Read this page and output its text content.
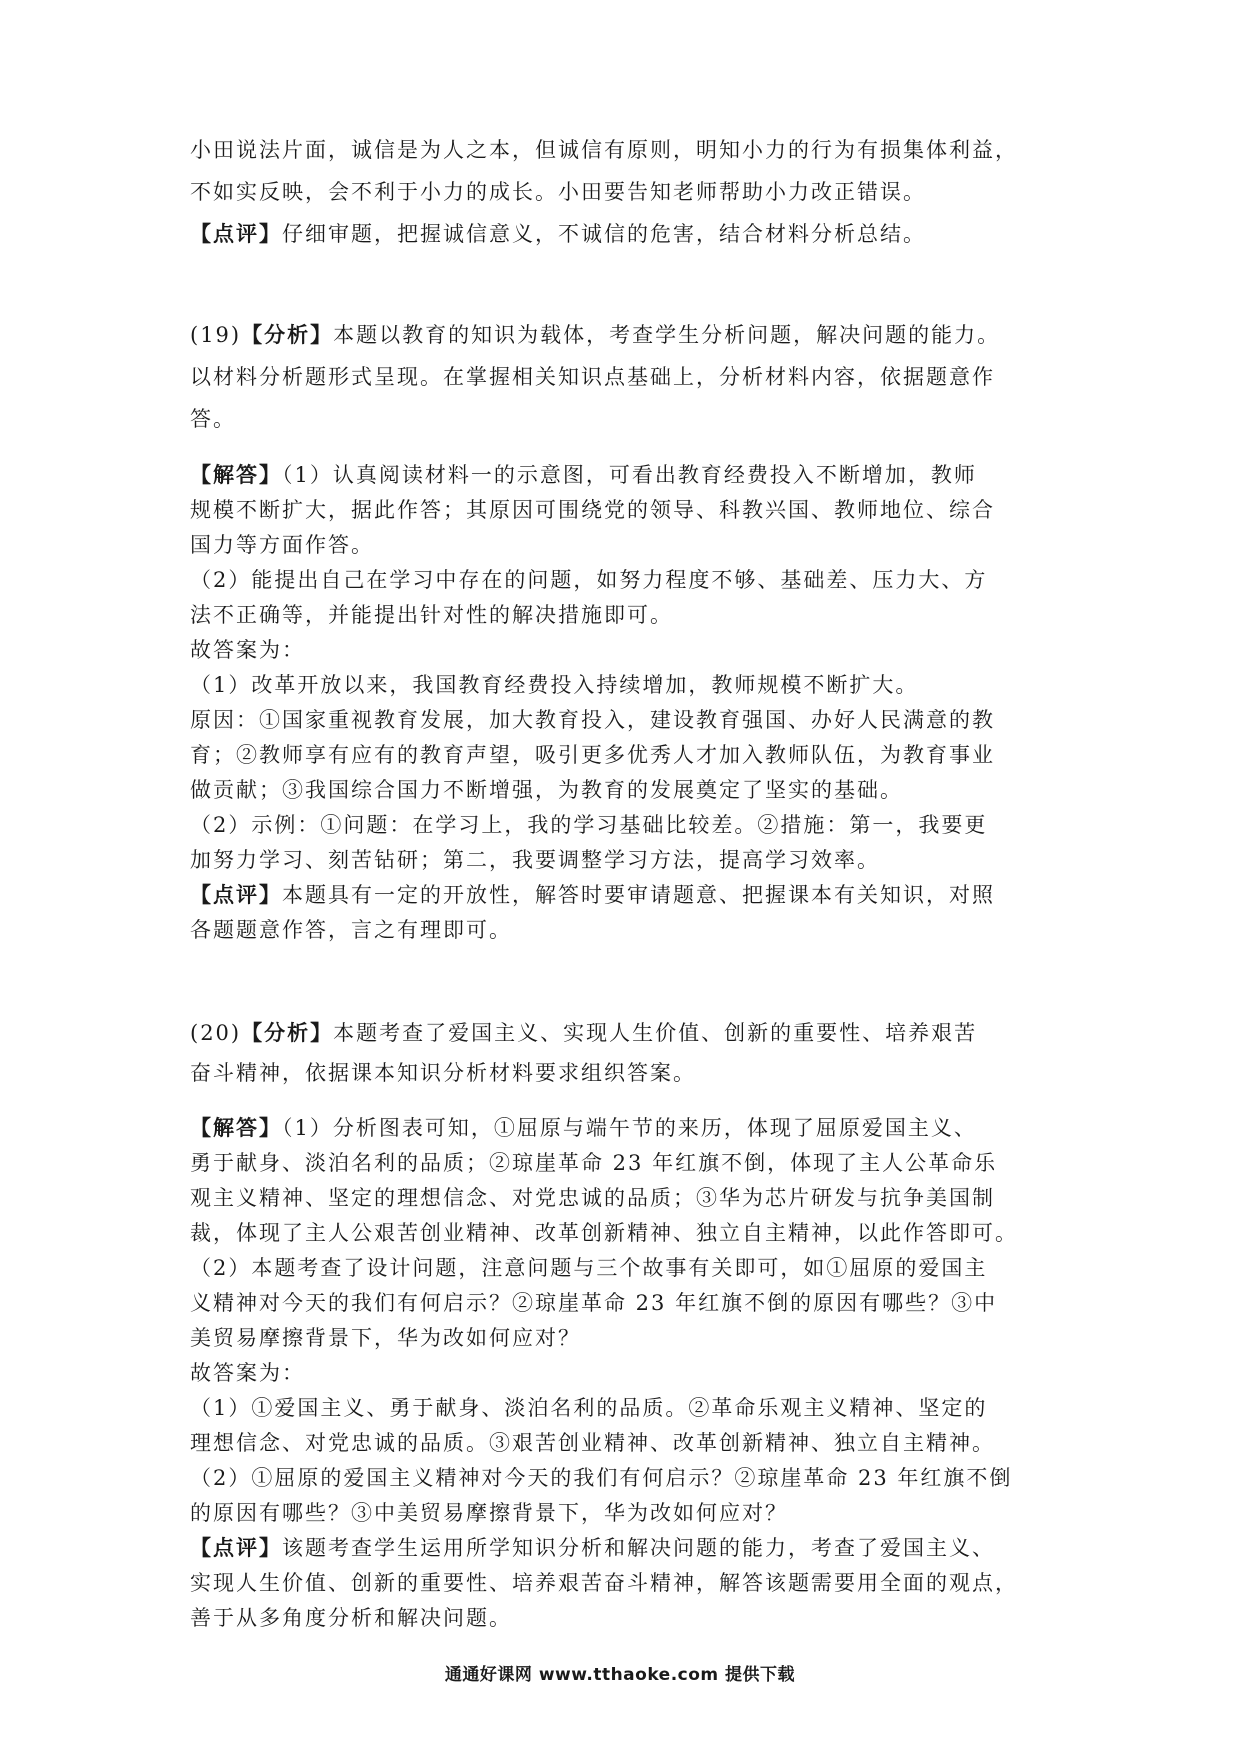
小田说法片面，诚信是为人之本，但诚信有原则，明知小力的行为有损集体利益，
不如实反映，会不利于小力的成长。小田要告知老师帮助小力改正错误。
【点评】仔细审题，把握诚信意义，不诚信的危害，结合材料分析总结。
(19)【分析】本题以教育的知识为载体，考查学生分析问题，解决问题的能力。
以材料分析题形式呈现。在掌握相关知识点基础上，分析材料内容，依据题意作
答。
【解答】（1）认真阅读材料一的示意图，可看出教育经费投入不断增加，教师
规模不断扩大，据此作答；其原因可围绕党的领导、科教兴国、教师地位、综合
国力等方面作答。
（2）能提出自己在学习中存在的问题，如努力程度不够、基础差、压力大、方
法不正确等，并能提出针对性的解决措施即可。
故答案为：
（1）改革开放以来，我国教育经费投入持续增加，教师规模不断扩大。
原因：①国家重视教育发展，加大教育投入，建设教育强国、办好人民满意的教
育；②教师享有应有的教育声望，吸引更多优秀人才加入教师队伍，为教育事业
做贡献；③我国综合国力不断增强，为教育的发展奠定了坚实的基础。
（2）示例：①问题：在学习上，我的学习基础比较差。②措施：第一，我要更
加努力学习、刻苦钻研；第二，我要调整学习方法，提高学习效率。
【点评】本题具有一定的开放性，解答时要审请题意、把握课本有关知识，对照
各题题意作答，言之有理即可。
(20)【分析】本题考查了爱国主义、实现人生价值、创新的重要性、培养艰苦
奋斗精神，依据课本知识分析材料要求组织答案。
【解答】（1）分析图表可知，①屈原与端午节的来历，体现了屈原爱国主义、
勇于献身、淡泊名利的品质；②琼崖革命 23 年红旗不倒，体现了主人公革命乐
观主义精神、坚定的理想信念、对党忠诚的品质；③华为芯片研发与抗争美国制
裁，体现了主人公艰苦创业精神、改革创新精神、独立自主精神，以此作答即可。
（2）本题考查了设计问题，注意问题与三个故事有关即可，如①屈原的爱国主
义精神对今天的我们有何启示？②琼崖革命 23 年红旗不倒的原因有哪些？③中
美贸易摩擦背景下，华为改如何应对？
故答案为：
（1）①爱国主义、勇于献身、淡泊名利的品质。②革命乐观主义精神、坚定的
理想信念、对党忠诚的品质。③艰苦创业精神、改革创新精神、独立自主精神。
（2）①屈原的爱国主义精神对今天的我们有何启示？②琼崖革命 23 年红旗不倒
的原因有哪些？③中美贸易摩擦背景下，华为改如何应对？
【点评】该题考查学生运用所学知识分析和解决问题的能力，考查了爱国主义、
实现人生价值、创新的重要性、培养艰苦奋斗精神，解答该题需要用全面的观点，
善于从多角度分析和解决问题。
通通好课网 www.tthaoke.com 提供下载
